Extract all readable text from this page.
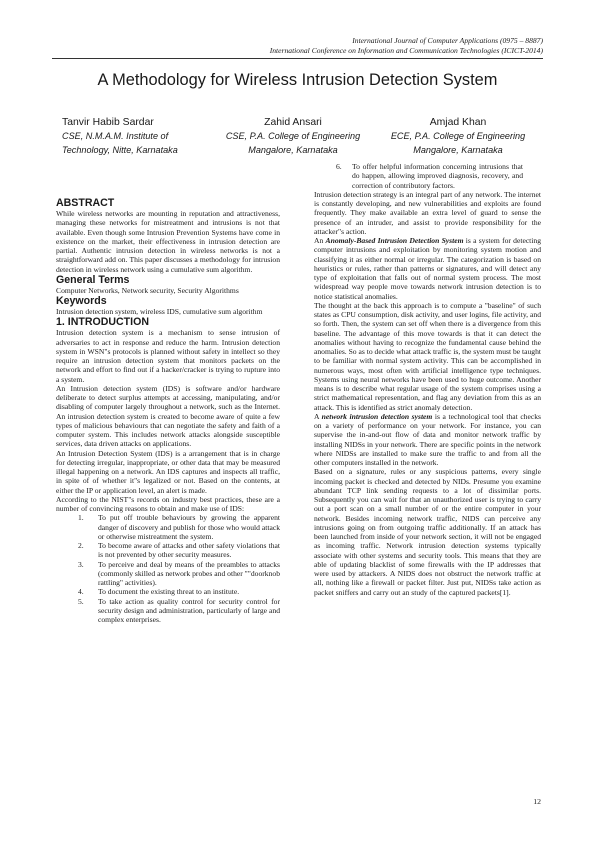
International Journal of Computer Applications (0975 – 8887)
International Conference on Information and Communication Technologies (ICICT-2014)
A Methodology for Wireless Intrusion Detection System
Tanvir Habib Sardar
CSE, N.M.A.M. Institute of Technology, Nitte, Karnataka
Zahid Ansari
CSE, P.A. College of Engineering Mangalore, Karnataka
Amjad Khan
ECE, P.A. College of Engineering Mangalore, Karnataka
ABSTRACT

While wireless networks are mounting in reputation and attractiveness, managing these networks for mistreatment and intrusions is not that available. Even though some Intrusion Prevention Systems have come in existence on the market, their effectiveness in intrusion detection are partial. Authentic intrusion detection in wireless networks is not a straightforward add on. This paper discusses a methodology for intrusion detection in wireless network using a cumulative sum algorithm.

General Terms

Computer Networks, Network security, Security Algorithms

Keywords

Intrusion detection system, wireless IDS, cumulative sum algorithm

1. INTRODUCTION

Intrusion detection system is a mechanism to sense intrusion of adversaries to act in response and reduce the harm. Intrusion detection system in WSN"s protocols is planned without safety in intellect so they require an intrusion detection system that monitors packets on the network and effort to find out if a hacker/cracker is trying to rupture into a system.

An Intrusion detection system (IDS) is software and/or hardware deliberate to detect surplus attempts at accessing, manipulating, and/or disabling of computer largely throughout a network, such as the Internet. An intrusion detection system is created to become aware of quite a few types of malicious behaviours that can negotiate the safety and faith of a computer system. This includes network attacks alongside susceptible services, data driven attacks on applications.

An Intrusion Detection System (IDS) is a arrangement that is in charge for detecting irregular, inappropriate, or other data that may be measured illegal happening on a network. An IDS captures and inspects all traffic, in spite of of whether it"s legalized or not. Based on the contents, at either the IP or application level, an alert is made.

According to the NIST"s records on industry best practices, these are a number of convincing reasons to obtain and make use of IDS:

1. To put off trouble behaviours by growing the apparent danger of discovery and publish for those who would attack or otherwise mistreatment the system.
2. To become aware of attacks and other safety violations that is not prevented by other security measures.
3. To perceive and deal by means of the preambles to attacks (commonly skilled as network probes and other ""doorknob rattling" activities).
4. To document the existing threat to an institute.
5. To take action as quality control for security control for security design and administration, particularly of large and complex enterprises.
6. To offer helpful information concerning intrusions that do happen, allowing improved diagnosis, recovery, and correction of contributory factors.

Intrusion detection strategy is an integral part of any network. The internet is constantly developing, and new vulnerabilities and exploits are found frequently. They make available an extra level of guard to sense the presence of an intruder, and assist to provide responsibility for the attacker"s action.

An Anomaly-Based Intrusion Detection System is a system for detecting computer intrusions and exploitation by monitoring system motion and classifying it as either normal or irregular. The categorization is based on heuristics or rules, rather than patterns or signatures, and will detect any type of exploitation that falls out of normal system process. The most widespread way people move towards network intrusion detection is to notice statistical anomalies.

The thought at the back this approach is to compute a "baseline" of such states as CPU consumption, disk activity, and user logins, file activity, and so forth. Then, the system can set off when there is a divergence from this baseline. The advantage of this move towards is that it can detect the anomalies without having to recognize the fundamental cause behind the anomalies. So as to decide what attack traffic is, the system must be taught to be familiar with normal system activity. This can be accomplished in numerous ways, most often with artificial intelligence type techniques. Systems using neural networks have been used to huge outcome. Another means is to describe what regular usage of the system comprises using a strict mathematical representation, and flag any deviation from this as an attack. This is identified as strict anomaly detection.

A network intrusion detection system is a technological tool that checks on a variety of performance on your network. For instance, you can supervise the in-and-out flow of data and monitor network traffic by installing NIDSs in your network. There are specific points in the network where NIDSs are installed to make sure the traffic to and from all the other computers installed in the network.

Based on a signature, rules or any suspicious patterns, every single incoming packet is checked and detected by NIDs. Presume you examine abundant TCP link sending requests to a lot of dissimilar ports. Subsequently you can wait for that an unauthorized user is trying to carry out a port scan on a small number of or the entire computer in your network. Besides incoming network traffic, NIDS can perceive any intrusions going on from outgoing traffic additionally. If an attack has been launched from inside of your network section, it will not be engaged as incoming traffic. Network intrusion detection systems typically associate with other systems and security tools. This means that they are able of updating blacklist of some firewalls with the IP addresses that were used by attackers. A NIDS does not obstruct the network traffic at all, nothing like a firewall or packet filter. Just put, NIDSs take action as packet sniffers and carry out an study of the captured packets[1].

12
